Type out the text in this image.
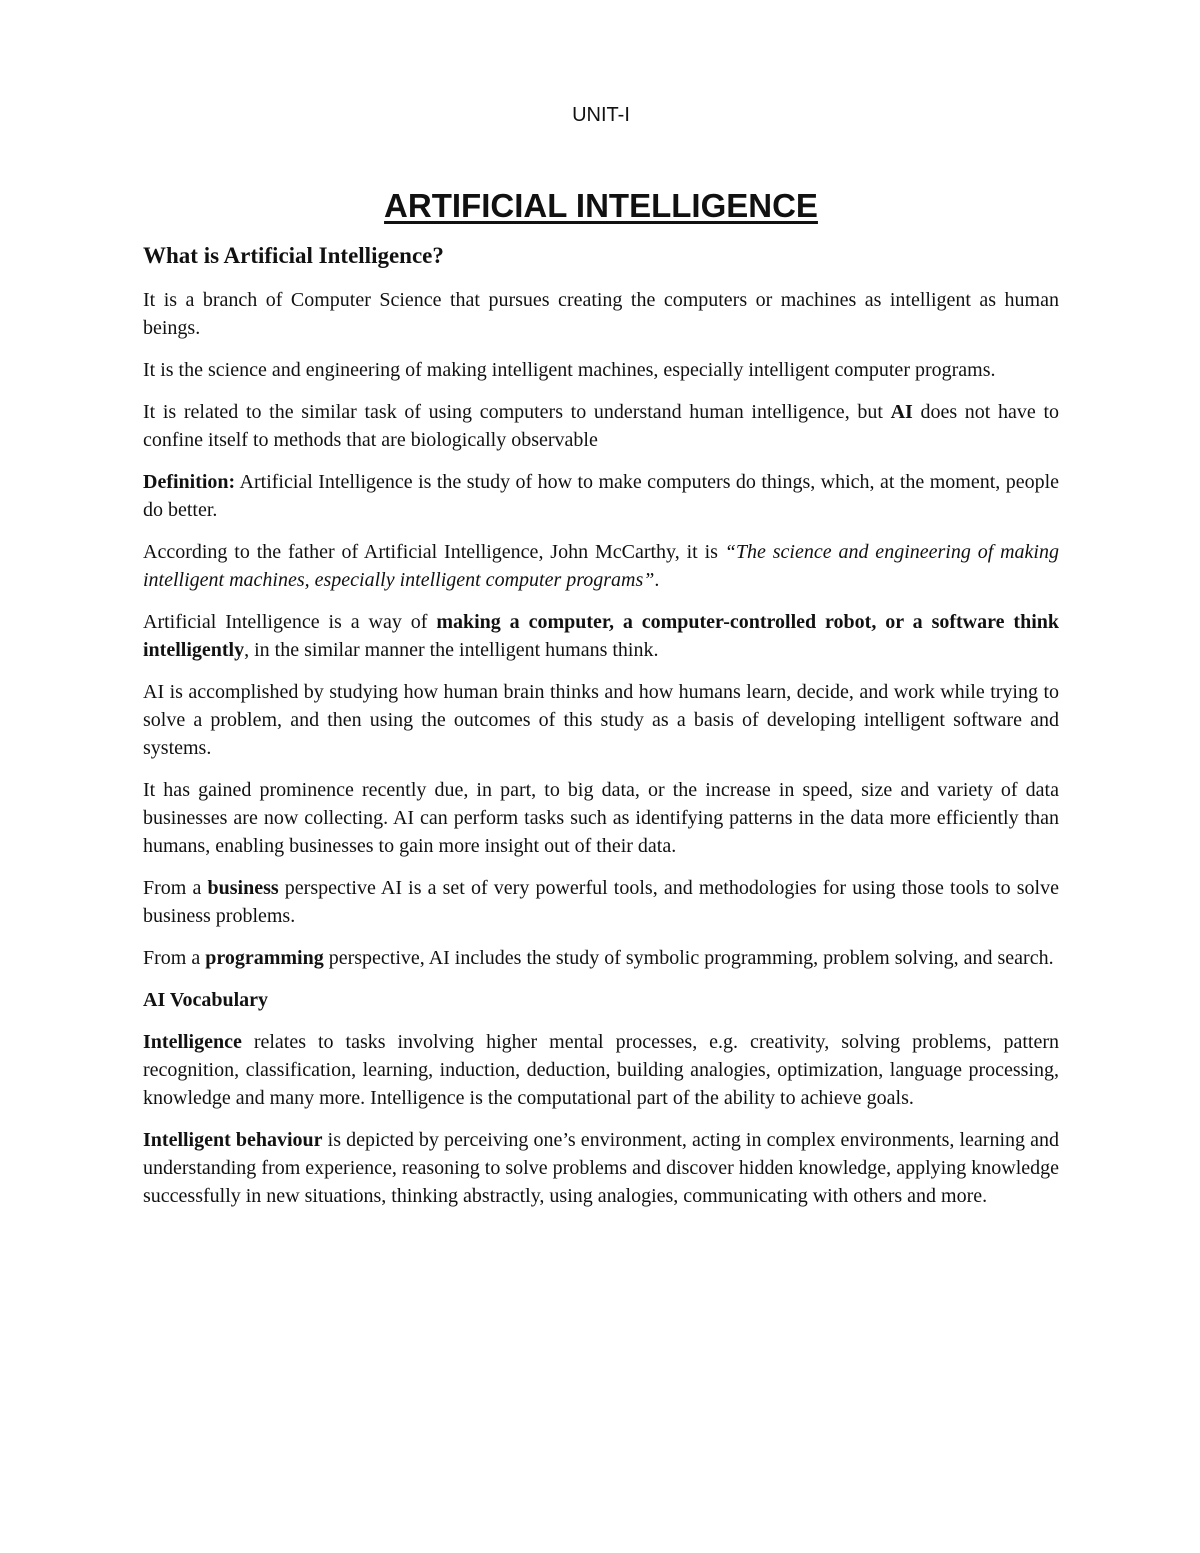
UNIT-I
ARTIFICIAL INTELLIGENCE
What is Artificial Intelligence?

It is a branch of Computer Science that pursues creating the computers or machines as intelligent as human beings.

It is the science and engineering of making intelligent machines, especially intelligent computer programs.

It is related to the similar task of using computers to understand human intelligence, but AI does not have to confine itself to methods that are biologically observable

Definition: Artificial Intelligence is the study of how to make computers do things, which, at the moment, people do better.

According to the father of Artificial Intelligence, John McCarthy, it is “The science and engineering of making intelligent machines, especially intelligent computer programs”.

Artificial Intelligence is a way of making a computer, a computer-controlled robot, or a software think intelligently, in the similar manner the intelligent humans think.

AI is accomplished by studying how human brain thinks and how humans learn, decide, and work while trying to solve a problem, and then using the outcomes of this study as a basis of developing intelligent software and systems.

It has gained prominence recently due, in part, to big data, or the increase in speed, size and variety of data businesses are now collecting. AI can perform tasks such as identifying patterns in the data more efficiently than humans, enabling businesses to gain more insight out of their data.

From a business perspective AI is a set of very powerful tools, and methodologies for using those tools to solve business problems.

From a programming perspective, AI includes the study of symbolic programming, problem solving, and search.

AI Vocabulary

Intelligence relates to tasks involving higher mental processes, e.g. creativity, solving problems, pattern recognition, classification, learning, induction, deduction, building analogies, optimization, language processing, knowledge and many more. Intelligence is the computational part of the ability to achieve goals.

Intelligent behaviour is depicted by perceiving one’s environment, acting in complex environments, learning and understanding from experience, reasoning to solve problems and discover hidden knowledge, applying knowledge successfully in new situations, thinking abstractly, using analogies, communicating with others and more.
